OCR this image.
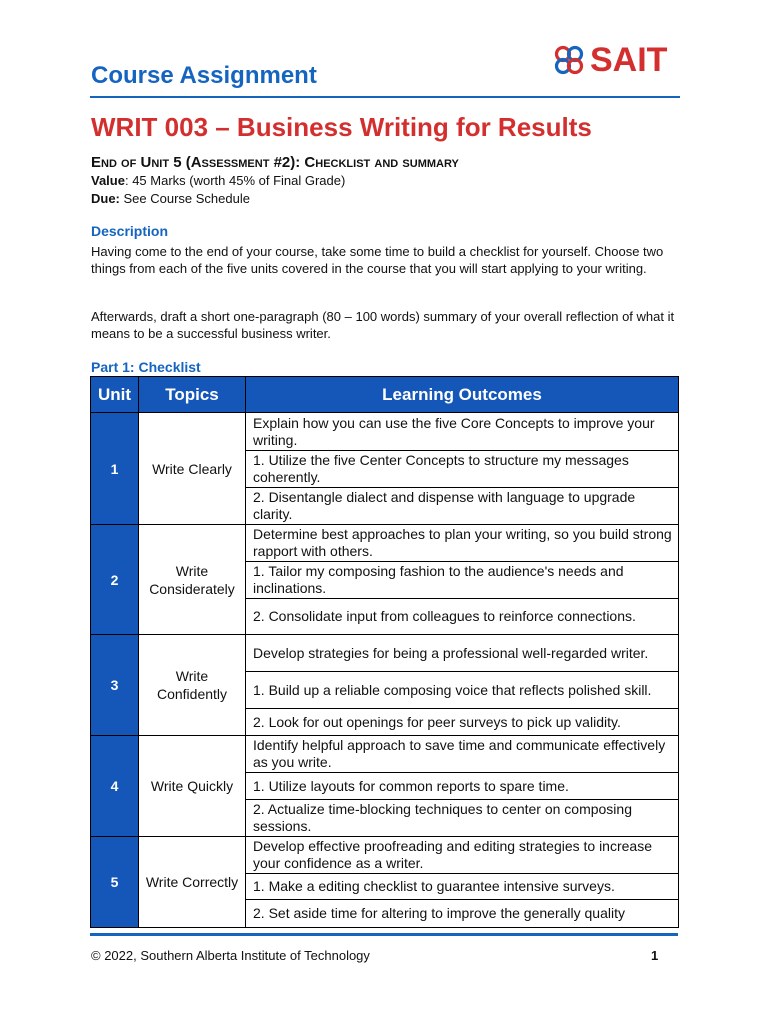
Course Assignment	SAIT
WRIT 003 – Business Writing for Results
End of Unit 5 (Assessment #2): Checklist and summary
Value: 45 Marks (worth 45% of Final Grade)
Due: See Course Schedule
Description
Having come to the end of your course, take some time to build a checklist for yourself. Choose two things from each of the five units covered in the course that you will start applying to your writing.
Afterwards, draft a short one-paragraph (80 – 100 words) summary of your overall reflection of what it means to be a successful business writer.
Part 1: Checklist
Unit	Topics	Learning Outcomes
1	Write Clearly	Explain how you can use the five Core Concepts to improve your writing.
		1. Utilize the five Center Concepts to structure my messages coherently.
		2. Disentangle dialect and dispense with language to upgrade clarity.
2	Write Considerately	Determine best approaches to plan your writing, so you build strong rapport with others.
		1. Tailor my composing fashion to the audience's needs and inclinations.
		2. Consolidate input from colleagues to reinforce connections.
3	Write Confidently	Develop strategies for being a professional well-regarded writer.
		1. Build up a reliable composing voice that reflects polished skill.
		2. Look for out openings for peer surveys to pick up validity.
4	Write Quickly	Identify helpful approach to save time and communicate effectively as you write.
		1. Utilize layouts for common reports to spare time.
		2. Actualize time-blocking techniques to center on composing sessions.
5	Write Correctly	Develop effective proofreading and editing strategies to increase your confidence as a writer.
		1. Make a editing checklist to guarantee intensive surveys.
		2. Set aside time for altering to improve the generally quality
© 2022, Southern Alberta Institute of Technology	1
